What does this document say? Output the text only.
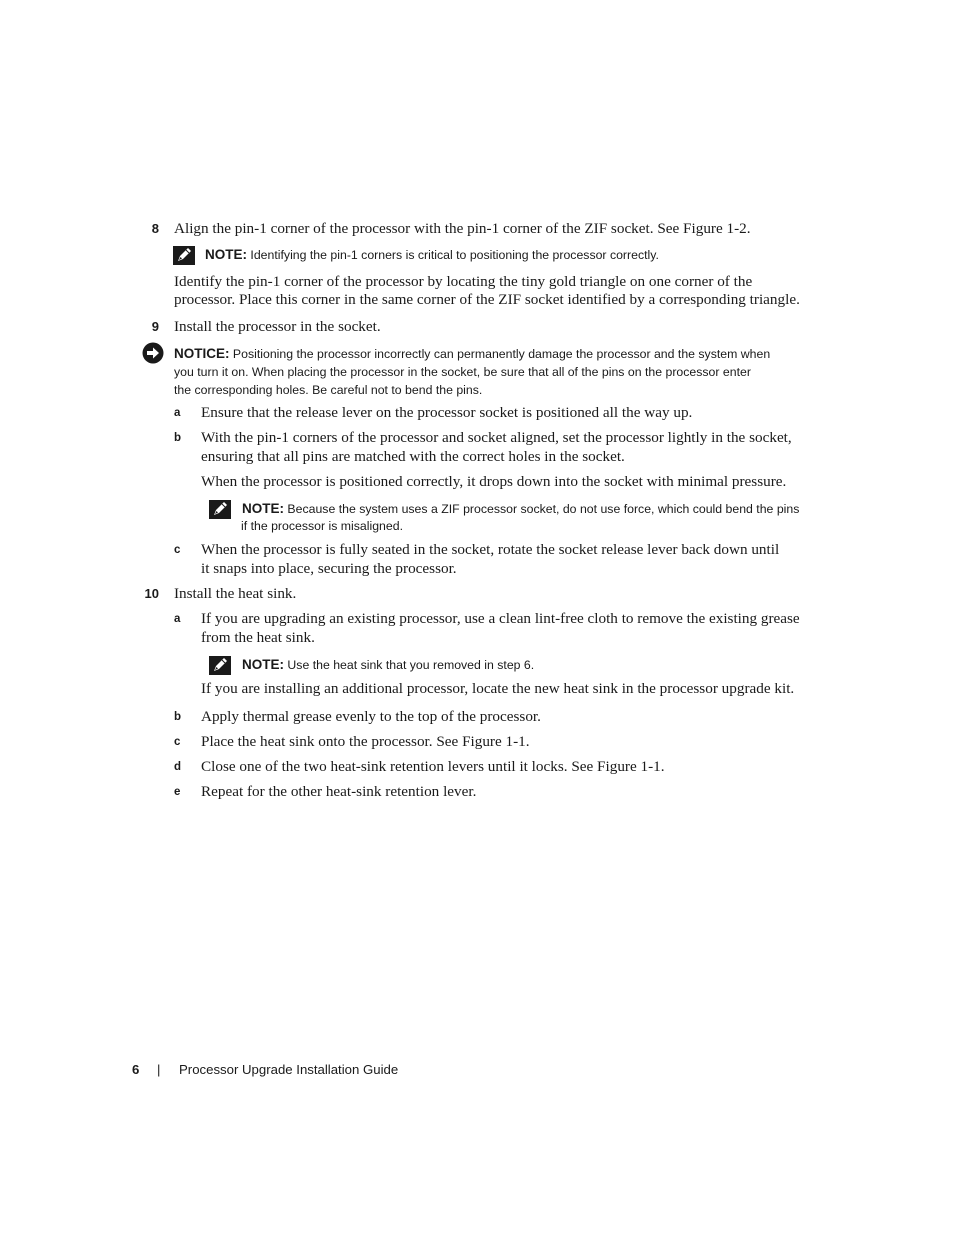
8 Align the pin-1 corner of the processor with the pin-1 corner of the ZIF socket. See Figure 1-2.
NOTE: Identifying the pin-1 corners is critical to positioning the processor correctly.
Identify the pin-1 corner of the processor by locating the tiny gold triangle on one corner of the
processor. Place this corner in the same corner of the ZIF socket identified by a corresponding triangle.
9 Install the processor in the socket.
NOTICE: Positioning the processor incorrectly can permanently damage the processor and the system when
you turn it on. When placing the processor in the socket, be sure that all of the pins on the processor enter
the corresponding holes. Be careful not to bend the pins.
a Ensure that the release lever on the processor socket is positioned all the way up.
b With the pin-1 corners of the processor and socket aligned, set the processor lightly in the socket,
ensuring that all pins are matched with the correct holes in the socket.
When the processor is positioned correctly, it drops down into the socket with minimal pressure.
NOTE: Because the system uses a ZIF processor socket, do not use force, which could bend the pins
if the processor is misaligned.
c When the processor is fully seated in the socket, rotate the socket release lever back down until
it snaps into place, securing the processor.
10 Install the heat sink.
a If you are upgrading an existing processor, use a clean lint-free cloth to remove the existing grease
from the heat sink.
NOTE: Use the heat sink that you removed in step 6.
If you are installing an additional processor, locate the new heat sink in the processor upgrade kit.
b Apply thermal grease evenly to the top of the processor.
c Place the heat sink onto the processor. See Figure 1-1.
d Close one of the two heat-sink retention levers until it locks. See Figure 1-1.
e Repeat for the other heat-sink retention lever.
6 | Processor Upgrade Installation Guide
